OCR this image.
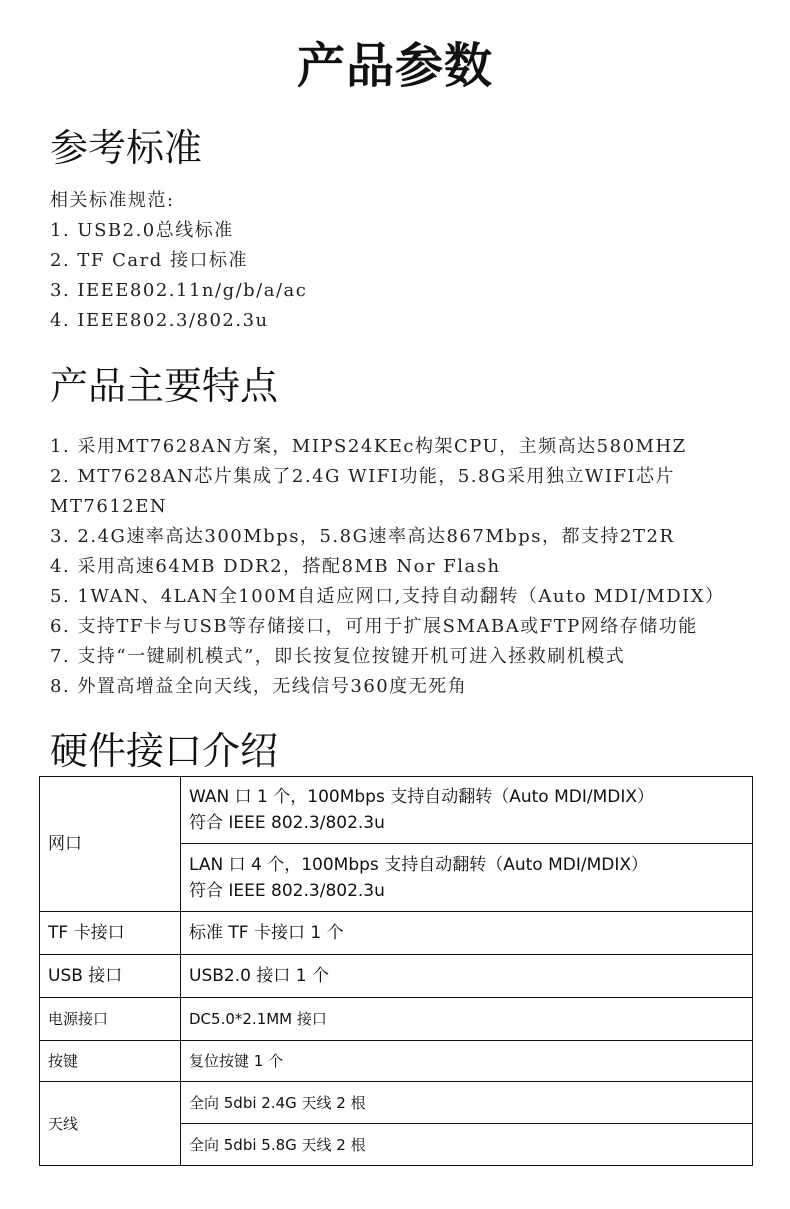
产品参数
参考标准
相关标准规范:
1. USB2.0总线标准
2. TF Card 接口标准
3. IEEE802.11n/g/b/a/ac
4. IEEE802.3/802.3u
产品主要特点
1. 采用MT7628AN方案，MIPS24KEc构架CPU，主频高达580MHZ
2. MT7628AN芯片集成了2.4G WIFI功能，5.8G采用独立WIFI芯片
MT7612EN
3. 2.4G速率高达300Mbps，5.8G速率高达867Mbps，都支持2T2R
4. 采用高速64MB DDR2，搭配8MB Nor Flash
5. 1WAN、4LAN全100M自适应网口,支持自动翻转（Auto MDI/MDIX）
6. 支持TF卡与USB等存储接口，可用于扩展SMABA或FTP网络存储功能
7. 支持“一键刷机模式”，即长按复位按键开机可进入拯救刷机模式
8. 外置高增益全向天线，无线信号360度无死角
硬件接口介绍
网口	WAN 口 1 个，100Mbps 支持自动翻转（Auto MDI/MDIX）
符合 IEEE 802.3/802.3u

	LAN 口 4 个，100Mbps 支持自动翻转（Auto MDI/MDIX）
符合 IEEE 802.3/802.3u

TF 卡接口	标准 TF 卡接口 1 个
USB 接口	USB2.0 接口 1 个
电源接口	DC5.0*2.1MM 接口
按键	复位按键 1 个
天线	全向 5dbi 2.4G 天线 2 根
	全向 5dbi 5.8G 天线 2 根
